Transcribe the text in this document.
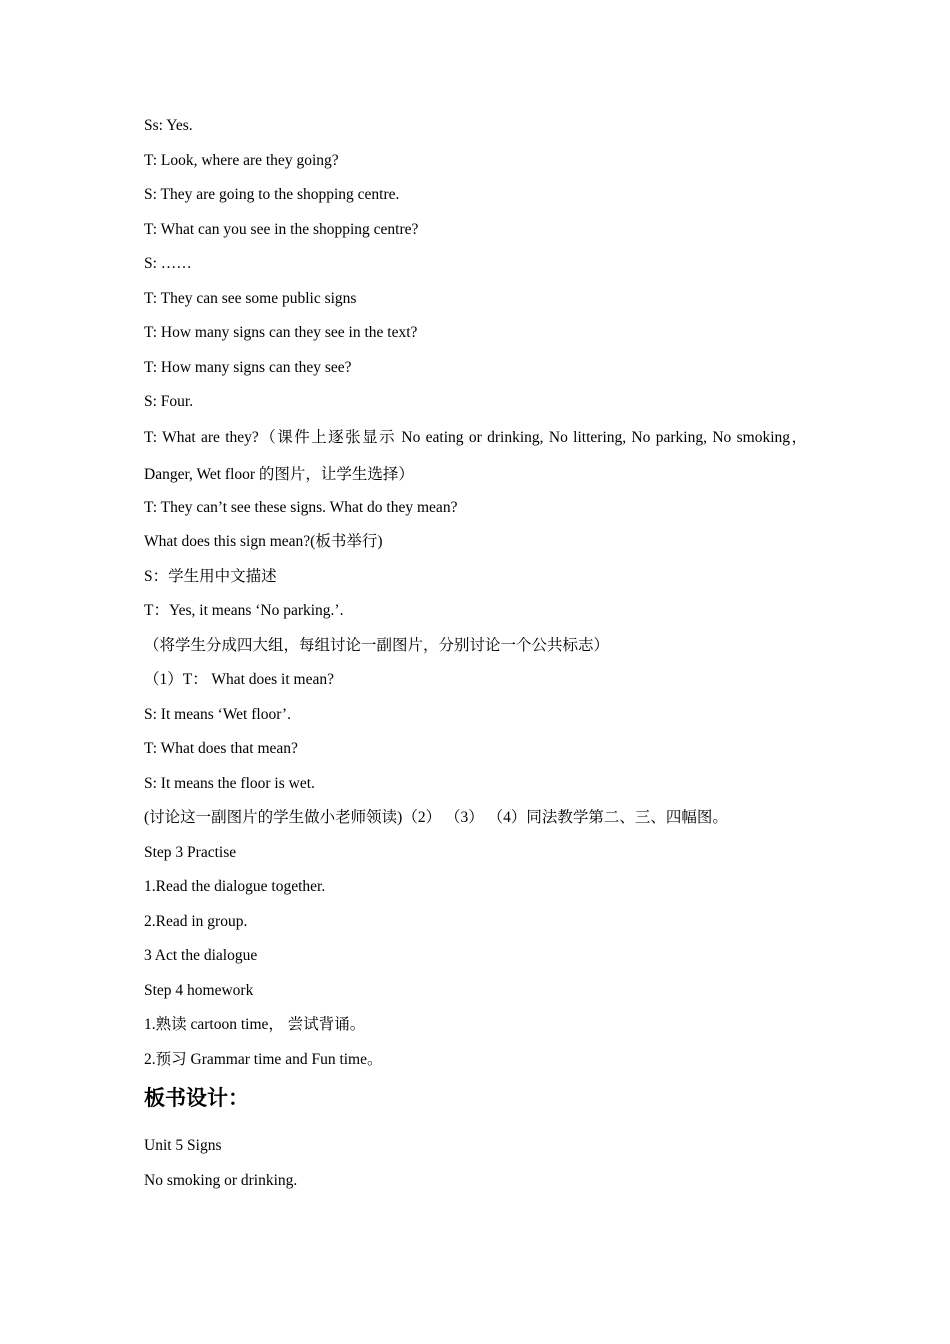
Ss: Yes.
T: Look, where are they going?
S: They are going to the shopping centre.
T: What can you see in the shopping centre?
S: ……
T: They can see some public signs
T: How many signs can they see in the text?
T: How many signs can they see?
S: Four.
T: What are they?（课件上逐张显示 No eating or drinking, No littering, No parking, No smoking，Danger, Wet floor 的图片，让学生选择）
T: They can’t see these signs. What do they mean?
What does this sign mean?(板书举行)
S：学生用中文描述
T：Yes, it means ‘No parking.’.
（将学生分成四大组，每组讨论一副图片，分别讨论一个公共标志）
（1）T： What does it mean?
S: It means ‘Wet floor’.
T: What does that mean?
S: It means the floor is wet.
(讨论这一副图片的学生做小老师领读)（2） （3） （4）同法教学第二、三、四幅图。
Step 3 Practise
1.Read the dialogue together.
2.Read in group.
3 Act the dialogue
Step 4 homework
1.熟读 cartoon time， 尝试背诵。
2.预习 Grammar time and Fun time。
板书设计：
Unit 5 Signs
No smoking or drinking.
